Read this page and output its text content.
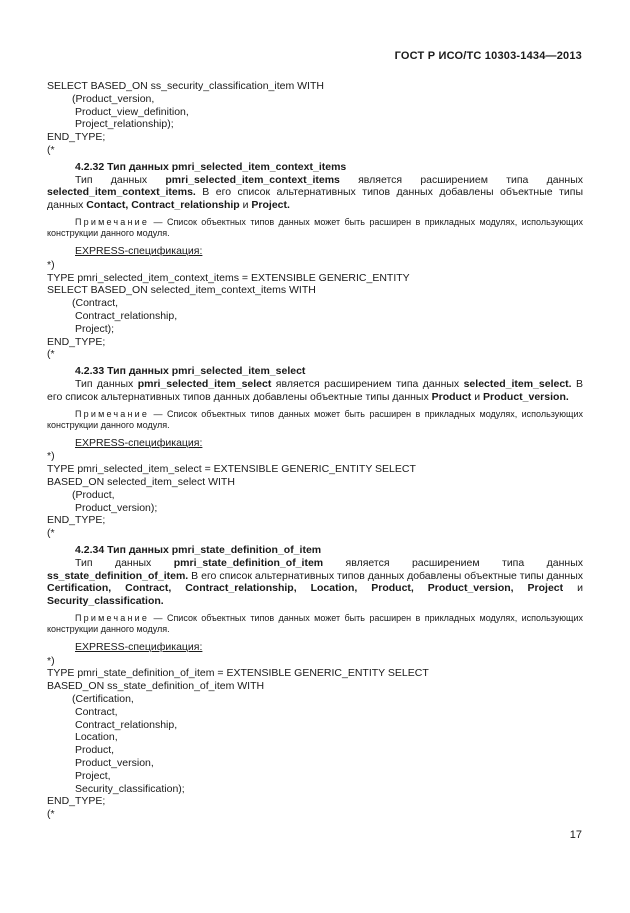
ГОСТ Р ИСО/ТС 10303-1434—2013

SELECT BASED_ON ss_security_classification_item WITH

(Product_version,

Product_view_definition,

Project_relationship);

END_TYPE;

(*

4.2.32 Тип данных pmri_selected_item_context_items

Тип данных pmri_selected_item_context_items является расширением типа данных selected_item_context_items. В его список альтернативных типов данных добавлены объектные типы данных Contact, Contract_relationship и Project.

Примечание — Список объектных типов данных может быть расширен в прикладных модулях, использующих конструкции данного модуля.

EXPRESS-спецификация:

*)

TYPE pmri_selected_item_context_items = EXTENSIBLE GENERIC_ENTITY

SELECT BASED_ON selected_item_context_items WITH

(Contract,

Contract_relationship,

Project);

END_TYPE;

(*

4.2.33 Тип данных pmri_selected_item_select

Тип данных pmri_selected_item_select является расширением типа данных selected_item_select. В его список альтернативных типов данных добавлены объектные типы данных Product и Product_version.

Примечание — Список объектных типов данных может быть расширен в прикладных модулях, использующих конструкции данного модуля.

EXPRESS-спецификация:

*)

TYPE pmri_selected_item_select = EXTENSIBLE GENERIC_ENTITY SELECT

BASED_ON selected_item_select WITH

(Product,

Product_version);

END_TYPE;

(*

4.2.34 Тип данных pmri_state_definition_of_item

Тип данных pmri_state_definition_of_item является расширением типа данных ss_state_definition_of_item. В его список альтернативных типов данных добавлены объектные типы данных Certification, Contract, Contract_relationship, Location, Product, Product_version, Project и Security_classification.

Примечание — Список объектных типов данных может быть расширен в прикладных модулях, использующих конструкции данного модуля.

EXPRESS-спецификация:

*)

TYPE pmri_state_definition_of_item = EXTENSIBLE GENERIC_ENTITY SELECT

BASED_ON ss_state_definition_of_item WITH

(Certification,

Contract,

Contract_relationship,

Location,

Product,

Product_version,

Project,

Security_classification);

END_TYPE;

(*

17
